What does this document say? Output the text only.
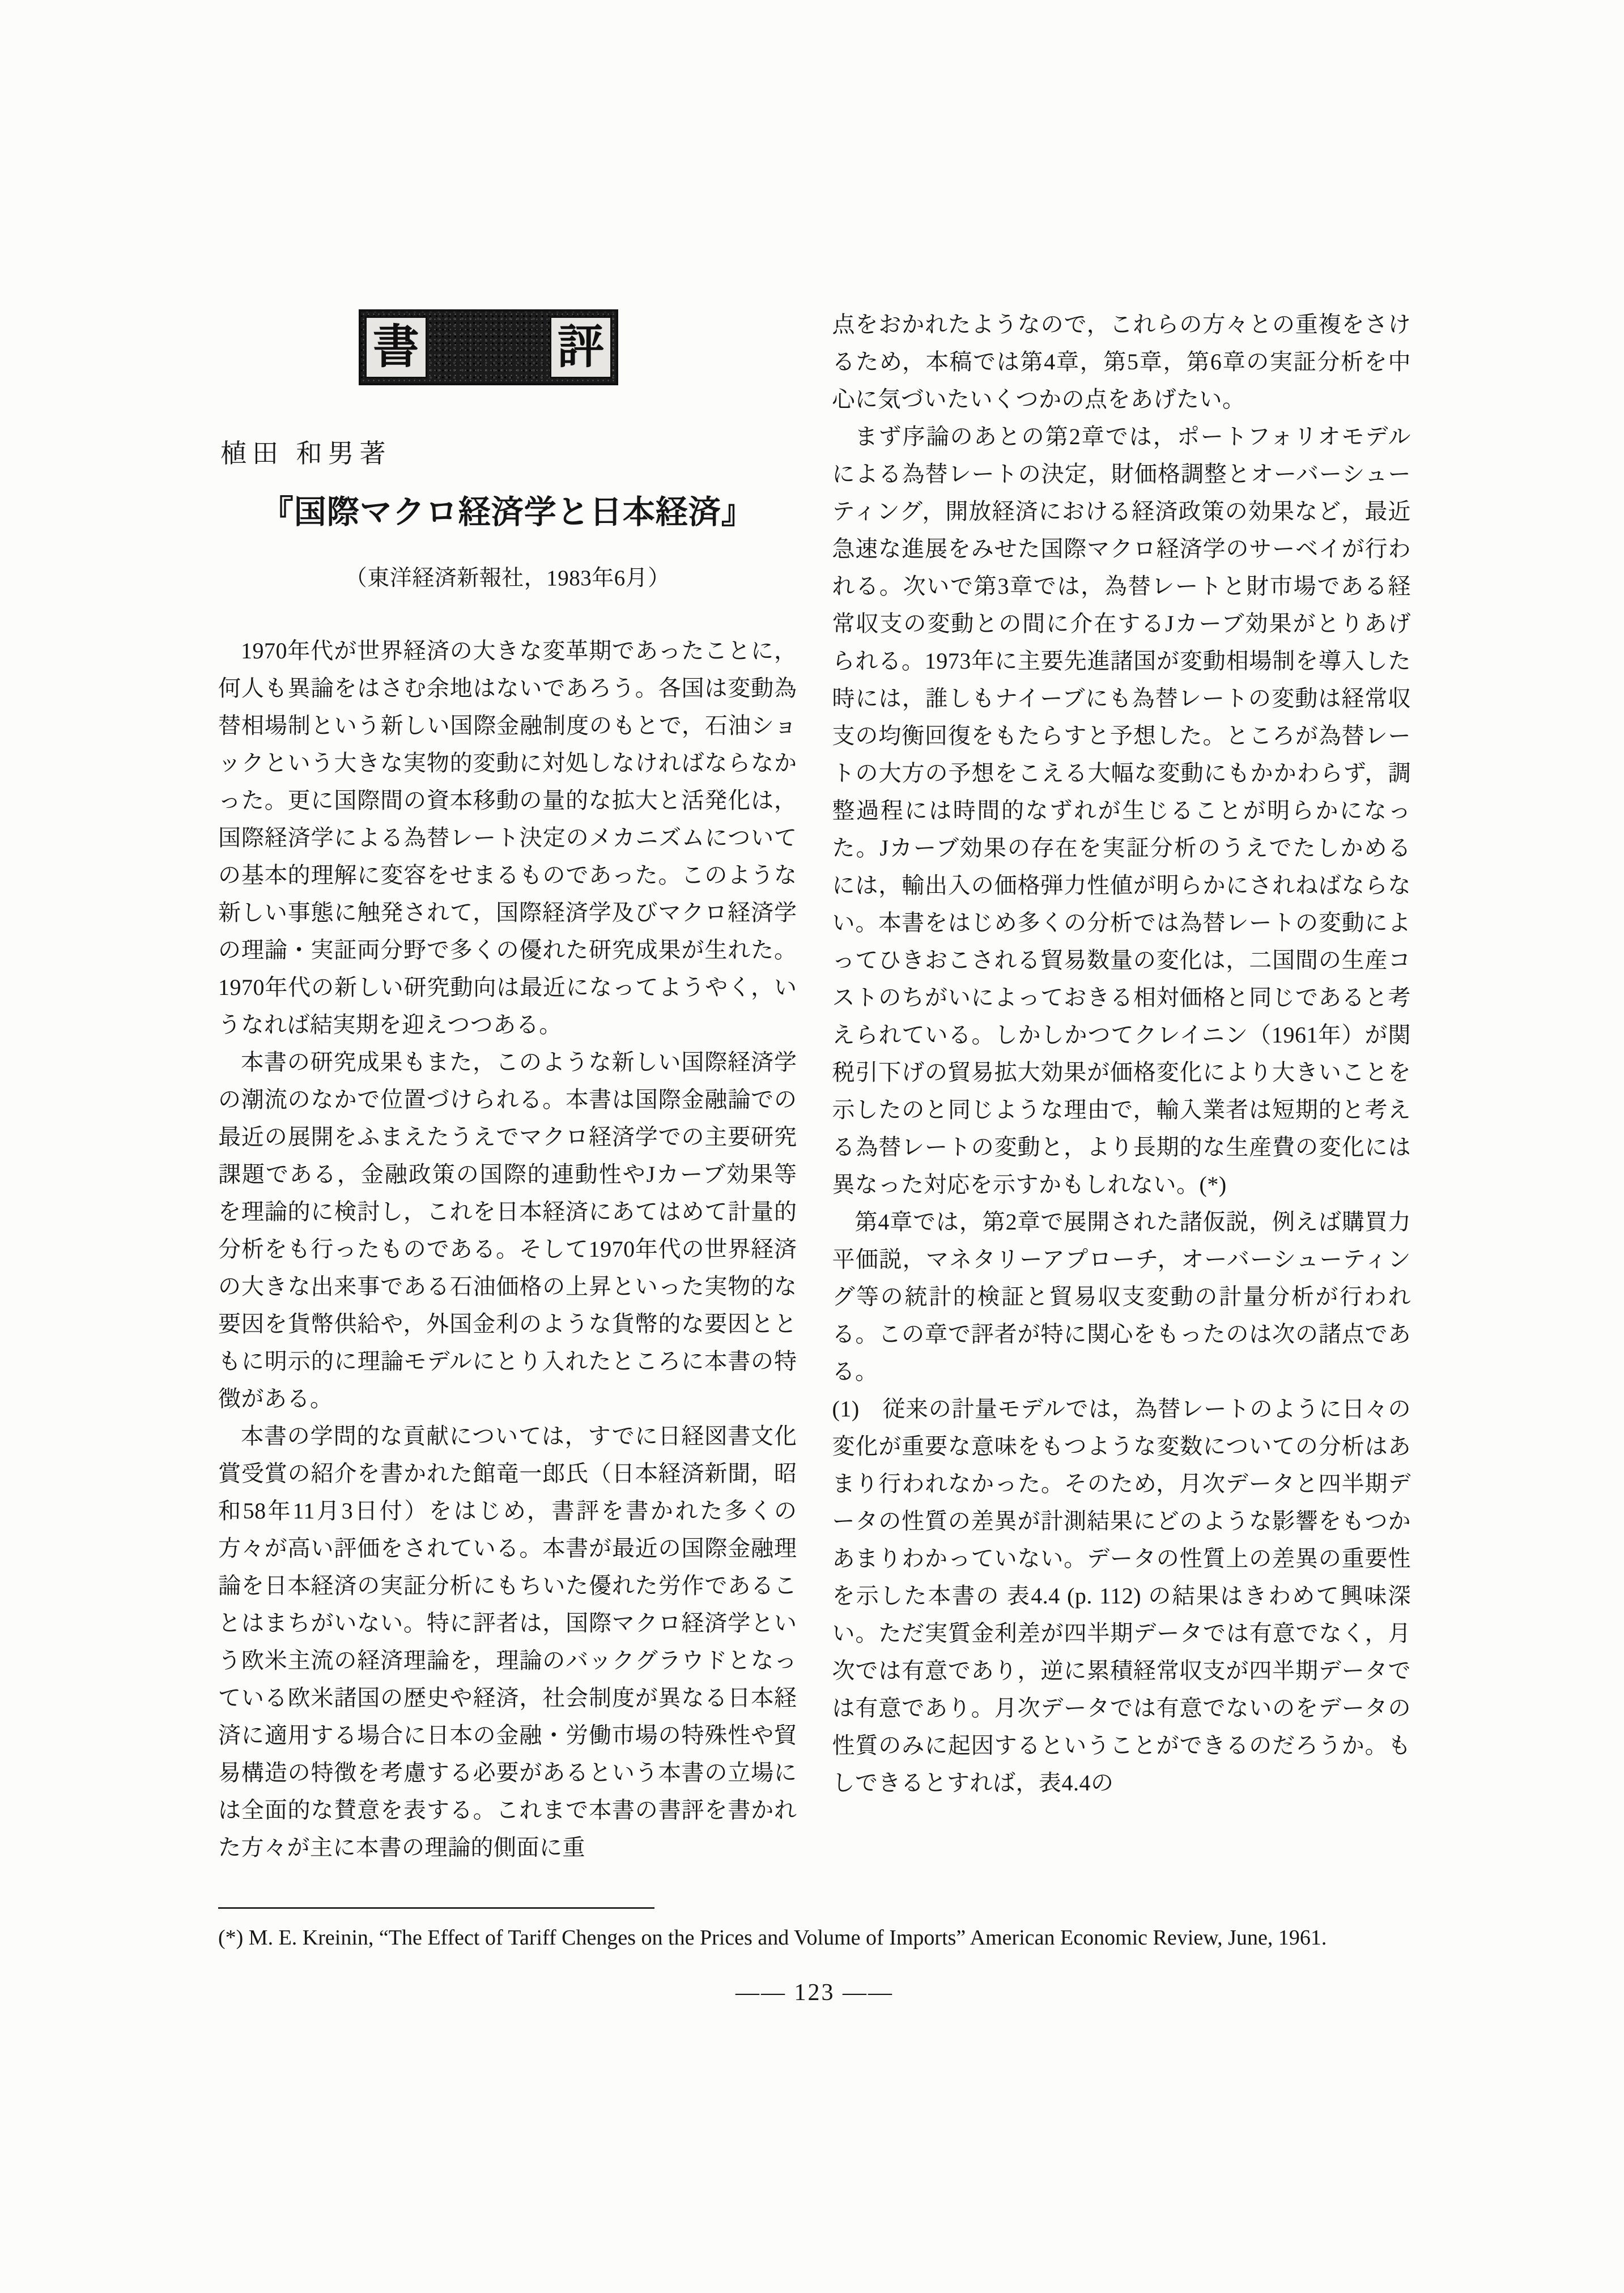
書	評
植田 和男著
『国際マクロ経済学と日本経済』
（東洋経済新報社，1983年6月）

1970年代が世界経済の大きな変革期であったことに，何人も異論をはさむ余地はないであろう。各国は変動為替相場制という新しい国際金融制度のもとで，石油ショックという大きな実物的変動に対処しなければならなかった。更に国際間の資本移動の量的な拡大と活発化は，国際経済学による為替レート決定のメカニズムについての基本的理解に変容をせまるものであった。このような新しい事態に触発されて，国際経済学及びマクロ経済学の理論・実証両分野で多くの優れた研究成果が生れた。1970年代の新しい研究動向は最近になってようやく，いうなれば結実期を迎えつつある。

本書の研究成果もまた，このような新しい国際経済学の潮流のなかで位置づけられる。本書は国際金融論での最近の展開をふまえたうえでマクロ経済学での主要研究課題である，金融政策の国際的連動性やJカーブ効果等を理論的に検討し，これを日本経済にあてはめて計量的分析をも行ったものである。そして1970年代の世界経済の大きな出来事である石油価格の上昇といった実物的な要因を貨幣供給や，外国金利のような貨幣的な要因とともに明示的に理論モデルにとり入れたところに本書の特徴がある。

本書の学問的な貢献については，すでに日経図書文化賞受賞の紹介を書かれた館竜一郎氏（日本経済新聞，昭和58年11月3日付）をはじめ，書評を書かれた多くの方々が高い評価をされている。本書が最近の国際金融理論を日本経済の実証分析にもちいた優れた労作であることはまちがいない。特に評者は，国際マクロ経済学という欧米主流の経済理論を，理論のバックグラウドとなっている欧米諸国の歴史や経済，社会制度が異なる日本経済に適用する場合に日本の金融・労働市場の特殊性や貿易構造の特徴を考慮する必要があるという本書の立場には全面的な賛意を表する。これまで本書の書評を書かれた方々が主に本書の理論的側面に重

点をおかれたようなので，これらの方々との重複をさけるため，本稿では第4章，第5章，第6章の実証分析を中心に気づいたいくつかの点をあげたい。

まず序論のあとの第2章では，ポートフォリオモデルによる為替レートの決定，財価格調整とオーバーシューティング，開放経済における経済政策の効果など，最近急速な進展をみせた国際マクロ経済学のサーベイが行われる。次いで第3章では，為替レートと財市場である経常収支の変動との間に介在するJカーブ効果がとりあげられる。1973年に主要先進諸国が変動相場制を導入した時には，誰しもナイーブにも為替レートの変動は経常収支の均衡回復をもたらすと予想した。ところが為替レートの大方の予想をこえる大幅な変動にもかかわらず，調整過程には時間的なずれが生じることが明らかになった。Jカーブ効果の存在を実証分析のうえでたしかめるには，輸出入の価格弾力性値が明らかにされねばならない。本書をはじめ多くの分析では為替レートの変動によってひきおこされる貿易数量の変化は，二国間の生産コストのちがいによっておきる相対価格と同じであると考えられている。しかしかつてクレイニン（1961年）が関税引下げの貿易拡大効果が価格変化により大きいことを示したのと同じような理由で，輸入業者は短期的と考える為替レートの変動と，より長期的な生産費の変化には異なった対応を示すかもしれない。(*)

第4章では，第2章で展開された諸仮説，例えば購買力平価説，マネタリーアプローチ，オーバーシューティング等の統計的検証と貿易収支変動の計量分析が行われる。この章で評者が特に関心をもったのは次の諸点である。

(1)　従来の計量モデルでは，為替レートのように日々の変化が重要な意味をもつような変数についての分析はあまり行われなかった。そのため，月次データと四半期データの性質の差異が計測結果にどのような影響をもつかあまりわかっていない。データの性質上の差異の重要性を示した本書の 表4.4 (p. 112) の結果はきわめて興味深い。ただ実質金利差が四半期データでは有意でなく，月次では有意であり，逆に累積経常収支が四半期データでは有意であり。月次データでは有意でないのをデータの性質のみに起因するということができるのだろうか。もしできるとすれば，表4.4の

(*) M. E. Kreinin, “The Effect of Tariff Chenges on the Prices and Volume of Imports” American Economic Review, June, 1961.
—— 123 ——
